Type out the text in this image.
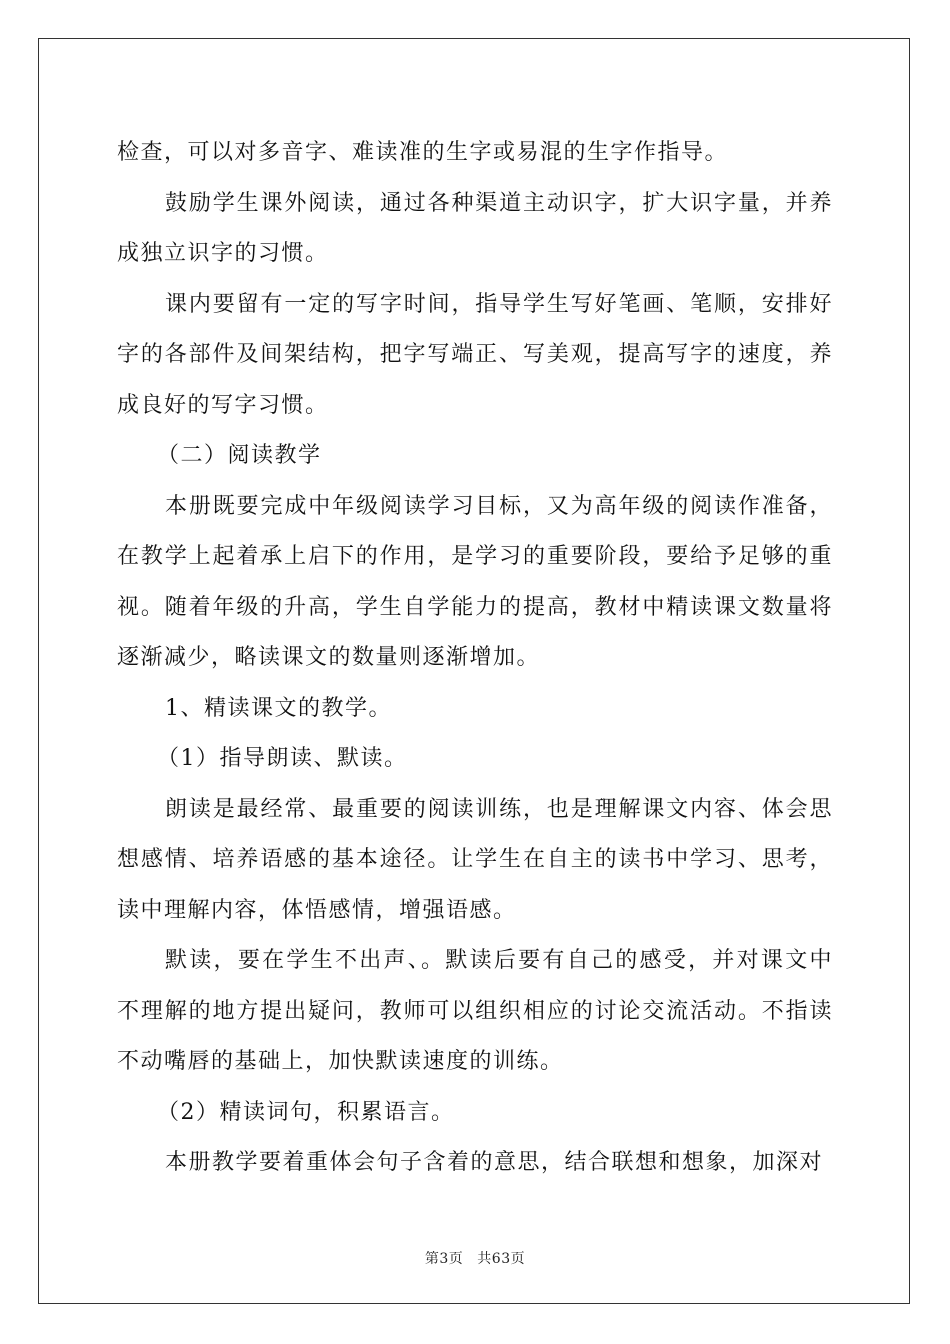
检查，可以对多音字、难读准的生字或易混的生字作指导。

鼓励学生课外阅读，通过各种渠道主动识字，扩大识字量，并养成独立识字的习惯。

课内要留有一定的写字时间，指导学生写好笔画、笔顺，安排好字的各部件及间架结构，把字写端正、写美观，提高写字的速度，养成良好的写字习惯。

（二）阅读教学

本册既要完成中年级阅读学习目标，又为高年级的阅读作准备，在教学上起着承上启下的作用，是学习的重要阶段，要给予足够的重视。随着年级的升高，学生自学能力的提高，教材中精读课文数量将逐渐减少，略读课文的数量则逐渐增加。

1、精读课文的教学。

（1）指导朗读、默读。

朗读是最经常、最重要的阅读训练，也是理解课文内容、体会思想感情、培养语感的基本途径。让学生在自主的读书中学习、思考，读中理解内容，体悟感情，增强语感。

默读，要在学生不出声、。默读后要有自己的感受，并对课文中不理解的地方提出疑问，教师可以组织相应的讨论交流活动。不指读不动嘴唇的基础上，加快默读速度的训练。

（2）精读词句，积累语言。

本册教学要着重体会句子含着的意思，结合联想和想象，加深对

第3页 共63页
